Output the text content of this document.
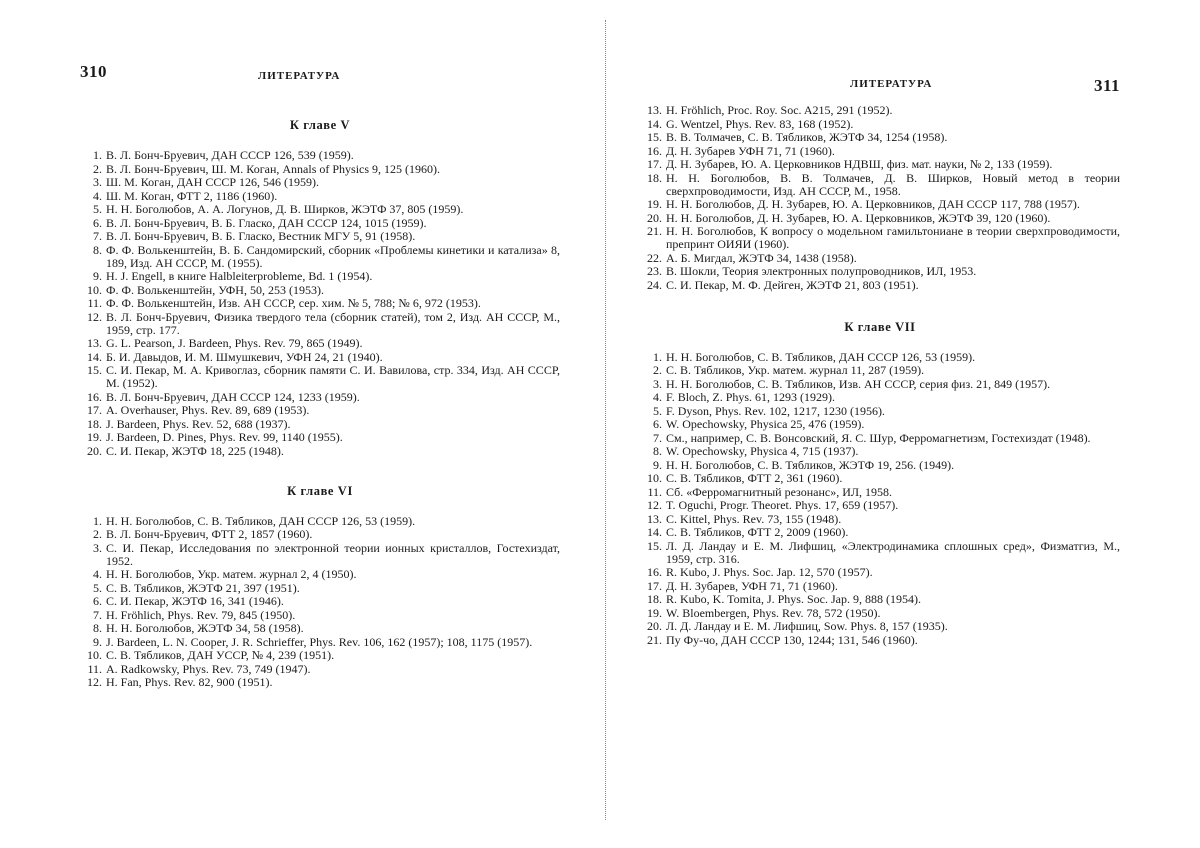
310	ЛИТЕРАТУРА
К главе V
1. В. Л. Бонч-Бруевич, ДАН СССР 126, 539 (1959).
2. В. Л. Бонч-Бруевич, Ш. М. Коган, Annals of Physics 9, 125 (1960).
3. Ш. М. Коган, ДАН СССР 126, 546 (1959).
4. Ш. М. Коган, ФТТ 2, 1186 (1960).
5. Н. Н. Боголюбов, А. А. Логунов, Д. В. Ширков, ЖЭТФ 37, 805 (1959).
6. В. Л. Бонч-Бруевич, В. Б. Гласко, ДАН СССР 124, 1015 (1959).
7. В. Л. Бонч-Бруевич, В. Б. Гласко, Вестник МГУ 5, 91 (1958).
8. Ф. Ф. Волькенштейн, В. Б. Сандомирский, сборник «Проблемы кинетики и катализа» 8, 189, Изд. АН СССР, М. (1955).
9. H. J. Engell, в книге Halbleiterprobleme, Bd. 1 (1954).
10. Ф. Ф. Волькенштейн, УФН, 50, 253 (1953).
11. Ф. Ф. Волькенштейн, Изв. АН СССР, сер. хим. № 5, 788; № 6, 972 (1953).
12. В. Л. Бонч-Бруевич, Физика твердого тела (сборник статей), том 2, Изд. АН СССР, М., 1959, стр. 177.
13. G. L. Pearson, J. Bardeen, Phys. Rev. 79, 865 (1949).
14. Б. И. Давыдов, И. М. Шмушкевич, УФН 24, 21 (1940).
15. С. И. Пекар, М. А. Кривоглаз, сборник памяти С. И. Вавилова, стр. 334, Изд. АН СССР, М. (1952).
16. В. Л. Бонч-Бруевич, ДАН СССР 124, 1233 (1959).
17. A. Overhauser, Phys. Rev. 89, 689 (1953).
18. J. Bardeen, Phys. Rev. 52, 688 (1937).
19. J. Bardeen, D. Pines, Phys. Rev. 99, 1140 (1955).
20. С. И. Пекар, ЖЭТФ 18, 225 (1948).
К главе VI
1. Н. Н. Боголюбов, С. В. Тябликов, ДАН СССР 126, 53 (1959).
2. В. Л. Бонч-Бруевич, ФТТ 2, 1857 (1960).
3. С. И. Пекар, Исследования по электронной теории ионных кристаллов, Гостехиздат, 1952.
4. Н. Н. Боголюбов, Укр. матем. журнал 2, 4 (1950).
5. С. В. Тябликов, ЖЭТФ 21, 397 (1951).
6. С. И. Пекар, ЖЭТФ 16, 341 (1946).
7. H. Fröhlich, Phys. Rev. 79, 845 (1950).
8. Н. Н. Боголюбов, ЖЭТФ 34, 58 (1958).
9. J. Bardeen, L. N. Cooper, J. R. Schrieffer, Phys. Rev. 106, 162 (1957); 108, 1175 (1957).
10. С. В. Тябликов, ДАН УССР, № 4, 239 (1951).
11. A. Radkowsky, Phys. Rev. 73, 749 (1947).
12. H. Fan, Phys. Rev. 82, 900 (1951).
311
ЛИТЕРАТУРА
13. H. Fröhlich, Proc. Roy. Soc. A215, 291 (1952).
14. G. Wentzel, Phys. Rev. 83, 168 (1952).
15. В. В. Толмачев, С. В. Тябликов, ЖЭТФ 34, 1254 (1958).
16. Д. Н. Зубарев УФН 71, 71 (1960).
17. Д. Н. Зубарев, Ю. А. Церковников НДВШ, физ. мат. науки, № 2, 133 (1959).
18. Н. Н. Боголюбов, В. В. Толмачев, Д. В. Ширков, Новый метод в теории сверхпроводимости, Изд. АН СССР, М., 1958.
19. Н. Н. Боголюбов, Д. Н. Зубарев, Ю. А. Церковников, ДАН СССР 117, 788 (1957).
20. Н. Н. Боголюбов, Д. Н. Зубарев, Ю. А. Церковников, ЖЭТФ 39, 120 (1960).
21. Н. Н. Боголюбов, К вопросу о модельном гамильтониане в теории сверхпроводимости, препринт ОИЯИ (1960).
22. А. Б. Мигдал, ЖЭТФ 34, 1438 (1958).
23. В. Шокли, Теория электронных полупроводников, ИЛ, 1953.
24. С. И. Пекар, М. Ф. Дейген, ЖЭТФ 21, 803 (1951).
К главе VII
1. Н. Н. Боголюбов, С. В. Тябликов, ДАН СССР 126, 53 (1959).
2. С. В. Тябликов, Укр. матем. журнал 11, 287 (1959).
3. Н. Н. Боголюбов, С. В. Тябликов, Изв. АН СССР, серия физ. 21, 849 (1957).
4. F. Bloch, Z. Phys. 61, 1293 (1929).
5. F. Dyson, Phys. Rev. 102, 1217, 1230 (1956).
6. W. Opechowsky, Physica 25, 476 (1959).
7. См., например, С. В. Вонсовский, Я. С. Шур, Ферромагнетизм, Гостехиздат (1948).
8. W. Opechowsky, Physica 4, 715 (1937).
9. Н. Н. Боголюбов, С. В. Тябликов, ЖЭТФ 19, 256. (1949).
10. С. В. Тябликов, ФТТ 2, 361 (1960).
11. Сб. «Ферромагнитный резонанс», ИЛ, 1958.
12. T. Oguchi, Progr. Theoret. Phys. 17, 659 (1957).
13. C. Kittel, Phys. Rev. 73, 155 (1948).
14. С. В. Тябликов, ФТТ 2, 2009 (1960).
15. Л. Д. Ландау и Е. М. Лифшиц, «Электродинамика сплошных сред», Физматгиз, М., 1959, стр. 316.
16. R. Kubo, J. Phys. Soc. Jap. 12, 570 (1957).
17. Д. Н. Зубарев, УФН 71, 71 (1960).
18. R. Kubo, K. Tomita, J. Phys. Soc. Jap. 9, 888 (1954).
19. W. Bloembergen, Phys. Rev. 78, 572 (1950).
20. Л. Д. Ландау и Е. М. Лифшиц, Sow. Phys. 8, 157 (1935).
21. Пу Фу-чо, ДАН СССР 130, 1244; 131, 546 (1960).
